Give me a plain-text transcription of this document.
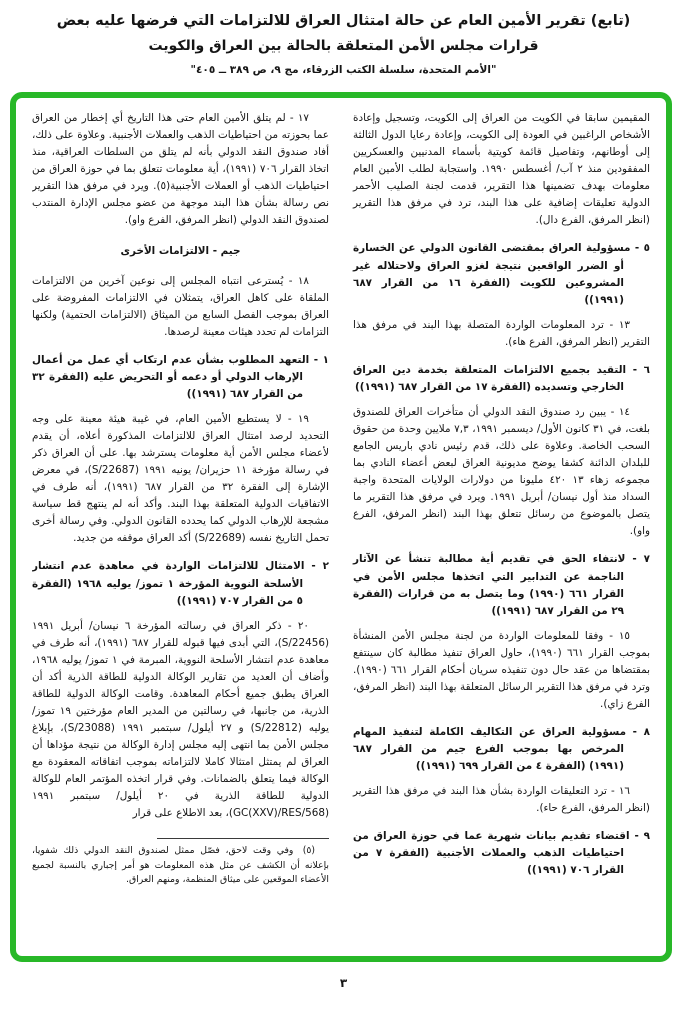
(تابع) تقرير الأمين العام عن حالة امتثال العراق للالتزامات التي فرضها عليه بعض
قرارات مجلس الأمن المتعلقة بالحالة بين العراق والكويت
"الأمم المتحدة، سلسلة الكتب الزرقاء، مج ٩، ص ٣٨٩ ــ ٤٠٥"

المقيمين سابقا في الكويت من العراق إلى الكويت، وتسجيل وإعادة الأشخاص الراغبين في العودة إلى الكويت، وإعادة رعايا الدول الثالثة إلى أوطانهم، وتفاصيل قائمة كويتية بأسماء المدنيين والعسكريين المفقودين منذ ٢ آب/ أغسطس ١٩٩٠. واستجابة لطلب الأمين العام معلومات بهدف تضمينها هذا التقرير، قدمت لجنة الصليب الأحمر الدولية تعليقات إضافية على هذا البند، ترد في مرفق هذا التقرير (انظر المرفق، الفرع دال).

٥ - مسؤولية العراق بمقتضى القانون الدولي عن الخسارة أو الضرر الواقعين نتيجة لغزو العراق ولاحتلاله غير المشروعين للكويت (الفقرة ١٦ من القرار ٦٨٧ (١٩٩١))

١٣ - ترد المعلومات الواردة المتصلة بهذا البند في مرفق هذا التقرير (انظر المرفق، الفرع هاء).

٦ - التقيد بجميع الالتزامات المتعلقة بخدمة دين العراق الخارجي وتسديده (الفقرة ١٧ من القرار ٦٨٧ (١٩٩١))

١٤ - يبين رد صندوق النقد الدولي أن متأخرات العراق للصندوق بلغت، في ٣١ كانون الأول/ ديسمبر ١٩٩١، ٧,٣ ملايين وحدة من حقوق السحب الخاصة. وعلاوة على ذلك، قدم رئيس نادي باريس الجامع للبلدان الدائنة كشفا يوضح مديونية العراق لبعض أعضاء النادي بما مجموعه زهاء ١٣ ٤٢٠ مليونا من دولارات الولايات المتحدة واجبة السداد منذ أول نيسان/ أبريل ١٩٩١. ويرد في مرفق هذا التقرير ما يتصل بالموضوع من رسائل تتعلق بهذا البند (انظر المرفق، الفرع واو).

٧ - لانتفاء الحق في تقديم أية مطالبة تنشأ عن الآثار الناجمة عن التدابير التي اتخذها مجلس الأمن في القرار ٦٦١ (١٩٩٠) وما يتصل به من قرارات (الفقرة ٢٩ من القرار ٦٨٧ (١٩٩١))

١٥ - وفقا للمعلومات الواردة من لجنة مجلس الأمن المنشأة بموجب القرار ٦٦١ (١٩٩٠)، حاول العراق تنفيذ مطالبة كان سينتفع بمقتضاها من عقد حال دون تنفيذه سريان أحكام القرار ٦٦١ (١٩٩٠). وترد في مرفق هذا التقرير الرسائل المتعلقة بهذا البند (انظر المرفق، الفرع زاي).

٨ - مسؤولية العراق عن التكاليف الكاملة لتنفيذ المهام المرخص بها بموجب الفرع جيم من القرار ٦٨٧ (١٩٩١) (الفقرة ٤ من القرار ٦٩٩ (١٩٩١))

١٦ - ترد التعليقات الواردة بشأن هذا البند في مرفق هذا التقرير (انظر المرفق، الفرع حاء).

٩ - اقتضاء تقديم بيانات شهرية عما في حوزة العراق من احتياطيات الذهب والعملات الأجنبية (الفقرة ٧ من القرار ٧٠٦ (١٩٩١))

١٧ - لم يتلق الأمين العام حتى هذا التاريخ أي إخطار من العراق عما بحوزته من احتياطيات الذهب والعملات الأجنبية. وعلاوة على ذلك، أفاد صندوق النقد الدولي بأنه لم يتلق من السلطات العراقية، منذ اتخاذ القرار ٧٠٦ (١٩٩١)، أية معلومات تتعلق بما في حوزة العراق من احتياطيات الذهب أو العملات الأجنبية(٥). ويرد في مرفق هذا التقرير نص رسالة بشأن هذا البند موجهة من عضو مجلس الإدارة المنتدب لصندوق النقد الدولي (انظر المرفق، الفرع واو).

جيم - الالتزامات الأخرى

١٨ - يُسترعى انتباه المجلس إلى نوعين آخرين من الالتزامات الملقاة على كاهل العراق، يتمثلان في الالتزامات المفروضة على العراق بموجب الفصل السابع من الميثاق (الالتزامات الحتمية) ولكنها التزامات لم تحدد هيئات معينة لرصدها.

١ - التعهد المطلوب بشأن عدم ارتكاب أي عمل من أعمال الإرهاب الدولي أو دعمه أو التحريض عليه (الفقرة ٣٢ من القرار ٦٨٧ (١٩٩١))

١٩ - لا يستطيع الأمين العام، في غيبة هيئة معينة على وجه التحديد لرصد امتثال العراق للالتزامات المذكورة أعلاه، أن يقدم لأعضاء مجلس الأمن أية معلومات يسترشد بها. على أن العراق ذكر في رسالة مؤرخة ١١ حزيران/ يونيه ١٩٩١ (S/22687)، في معرض الإشارة إلى الفقرة ٣٢ من القرار ٦٨٧ (١٩٩١)، أنه طرف في الاتفاقيات الدولية المتعلقة بهذا البند. وأكد أنه لم ينتهج قط سياسة مشجعة للإرهاب الدولي كما يحدده القانون الدولي. وفي رسالة أخرى تحمل التاريخ نفسه (S/22689) أكد العراق موقفه من جديد.

٢ - الامتثال للالتزامات الواردة في معاهدة عدم انتشار الأسلحة النووية المؤرخة ١ تموز/ يوليه ١٩٦٨ (الفقرة ٥ من القرار ٧٠٧ (١٩٩١))

٢٠ - ذكر العراق في رسالته المؤرخة ٦ نيسان/ أبريل ١٩٩١ (S/22456)، التي أبدى فيها قبوله للقرار ٦٨٧ (١٩٩١)، أنه طرف في معاهدة عدم انتشار الأسلحة النووية، المبرمة في ١ تموز/ يوليه ١٩٦٨، وأضاف أن العديد من تقارير الوكالة الدولية للطاقة الذرية أكد أن العراق يطبق جميع أحكام المعاهدة. وقامت الوكالة الدولية للطاقة الذرية، من جانبها، في رسالتين من المدير العام مؤرختين ١٩ تموز/ يوليه (S/22812) و ٢٧ أيلول/ سبتمبر ١٩٩١ (S/23088)، بإبلاغ مجلس الأمن بما انتهى إليه مجلس إدارة الوكالة من نتيجة مؤداها أن العراق لم يمتثل امتثالا كاملا لالتزاماته بموجب اتفاقاته المعقودة مع الوكالة فيما يتعلق بالضمانات. وفي قرار اتخذه المؤتمر العام للوكالة الدولية للطاقة الذرية في ٢٠ أيلول/ سبتمبر ١٩٩١ (GC(XXV)/RES/568)، بعد الاطلاع على قرار

(٥) وفي وقت لاحق، فصّل ممثل لصندوق النقد الدولي ذلك شفويا، بإعلانه أن الكشف عن مثل هذه المعلومات هو أمر إجباري بالنسبة لجميع الأعضاء الموقعين على ميثاق المنظمة، ومنهم العراق.

٣
